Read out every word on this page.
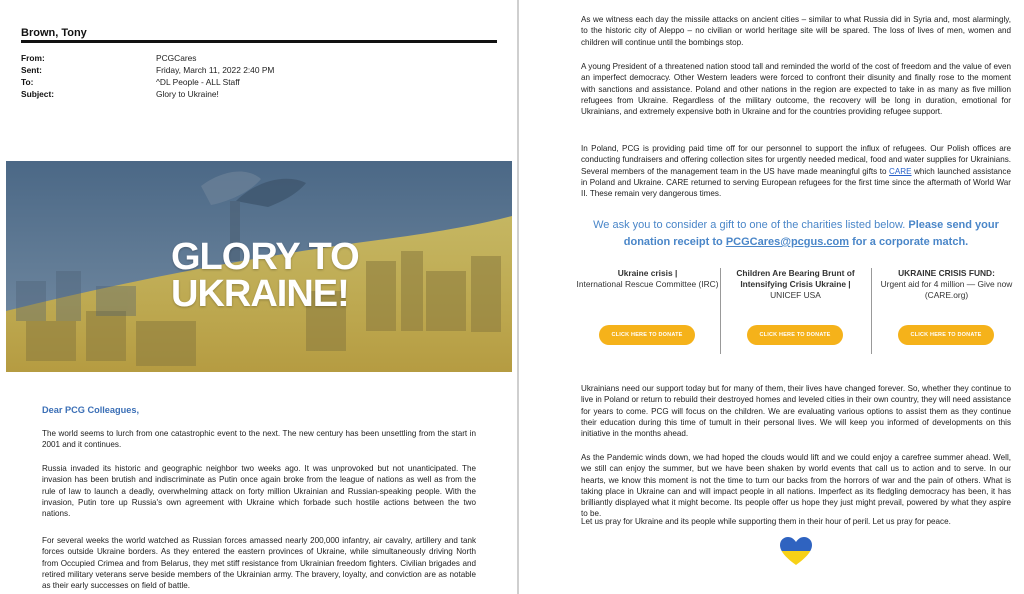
Brown, Tony
From:	PCGCares
Sent:	Friday, March 11, 2022 2:40 PM
To:	^DL People - ALL Staff
Subject:	Glory to Ukraine!
GLORY TO
UKRAINE!
Dear PCG Colleagues,
The world seems to lurch from one catastrophic event to the next. The new century has been unsettling from the start in 2001 and it continues.
Russia invaded its historic and geographic neighbor two weeks ago. It was unprovoked but not unanticipated. The invasion has been brutish and indiscriminate as Putin once again broke from the league of nations as well as from the rule of law to launch a deadly, overwhelming attack on forty million Ukrainian and Russian-speaking people. With the invasion, Putin tore up Russia's own agreement with Ukraine which forbade such hostile actions between the two nations.
For several weeks the world watched as Russian forces amassed nearly 200,000 infantry, air cavalry, artillery and tank forces outside Ukraine borders. As they entered the eastern provinces of Ukraine, while simultaneously driving North from Occupied Crimea and from Belarus, they met stiff resistance from Ukrainian freedom fighters. Civilian brigades and retired military veterans serve beside members of the Ukrainian army. The bravery, loyalty, and conviction are as notable as their early successes on field of battle.
As we witness each day the missile attacks on ancient cities – similar to what Russia did in Syria and, most alarmingly, to the historic city of Aleppo – no civilian or world heritage site will be spared. The loss of lives of men, women and children will continue until the bombings stop.
A young President of a threatened nation stood tall and reminded the world of the cost of freedom and the value of even an imperfect democracy. Other Western leaders were forced to confront their disunity and finally rose to the moment with sanctions and assistance. Poland and other nations in the region are expected to take in as many as five million refugees from Ukraine. Regardless of the military outcome, the recovery will be long in duration, emotional for Ukrainians, and extremely expensive both in Ukraine and for the countries providing refugee support.
In Poland, PCG is providing paid time off for our personnel to support the influx of refugees. Our Polish offices are conducting fundraisers and offering collection sites for urgently needed medical, food and water supplies for Ukrainians. Several members of the management team in the US have made meaningful gifts to CARE which launched assistance in Poland and Ukraine. CARE returned to serving European refugees for the first time since the aftermath of World War II. These remain very dangerous times.
We ask you to consider a gift to one of the charities listed below. Please send your donation receipt to PCGCares@pcgus.com for a corporate match.
Ukraine crisis |
International Rescue Committee (IRC)
CLICK HERE TO DONATE
Children Are Bearing Brunt of Intensifying Crisis Ukraine |
UNICEF USA
CLICK HERE TO DONATE
UKRAINE CRISIS FUND:
Urgent aid for 4 million — Give now (CARE.org)
CLICK HERE TO DONATE
Ukrainians need our support today but for many of them, their lives have changed forever. So, whether they continue to live in Poland or return to rebuild their destroyed homes and leveled cities in their own country, they will need assistance for years to come. PCG will focus on the children. We are evaluating various options to assist them as they continue their education during this time of tumult in their personal lives. We will keep you informed of developments on this initiative in the months ahead.
As the Pandemic winds down, we had hoped the clouds would lift and we could enjoy a carefree summer ahead. Well, we still can enjoy the summer, but we have been shaken by world events that call us to action and to serve. In our hearts, we know this moment is not the time to turn our backs from the horrors of war and the pain of others. What is taking place in Ukraine can and will impact people in all nations. Imperfect as its fledgling democracy has been, it has brilliantly displayed what it might become. Its people offer us hope they just might prevail, powered by what they aspire to be.
Let us pray for Ukraine and its people while supporting them in their hour of peril. Let us pray for peace.
